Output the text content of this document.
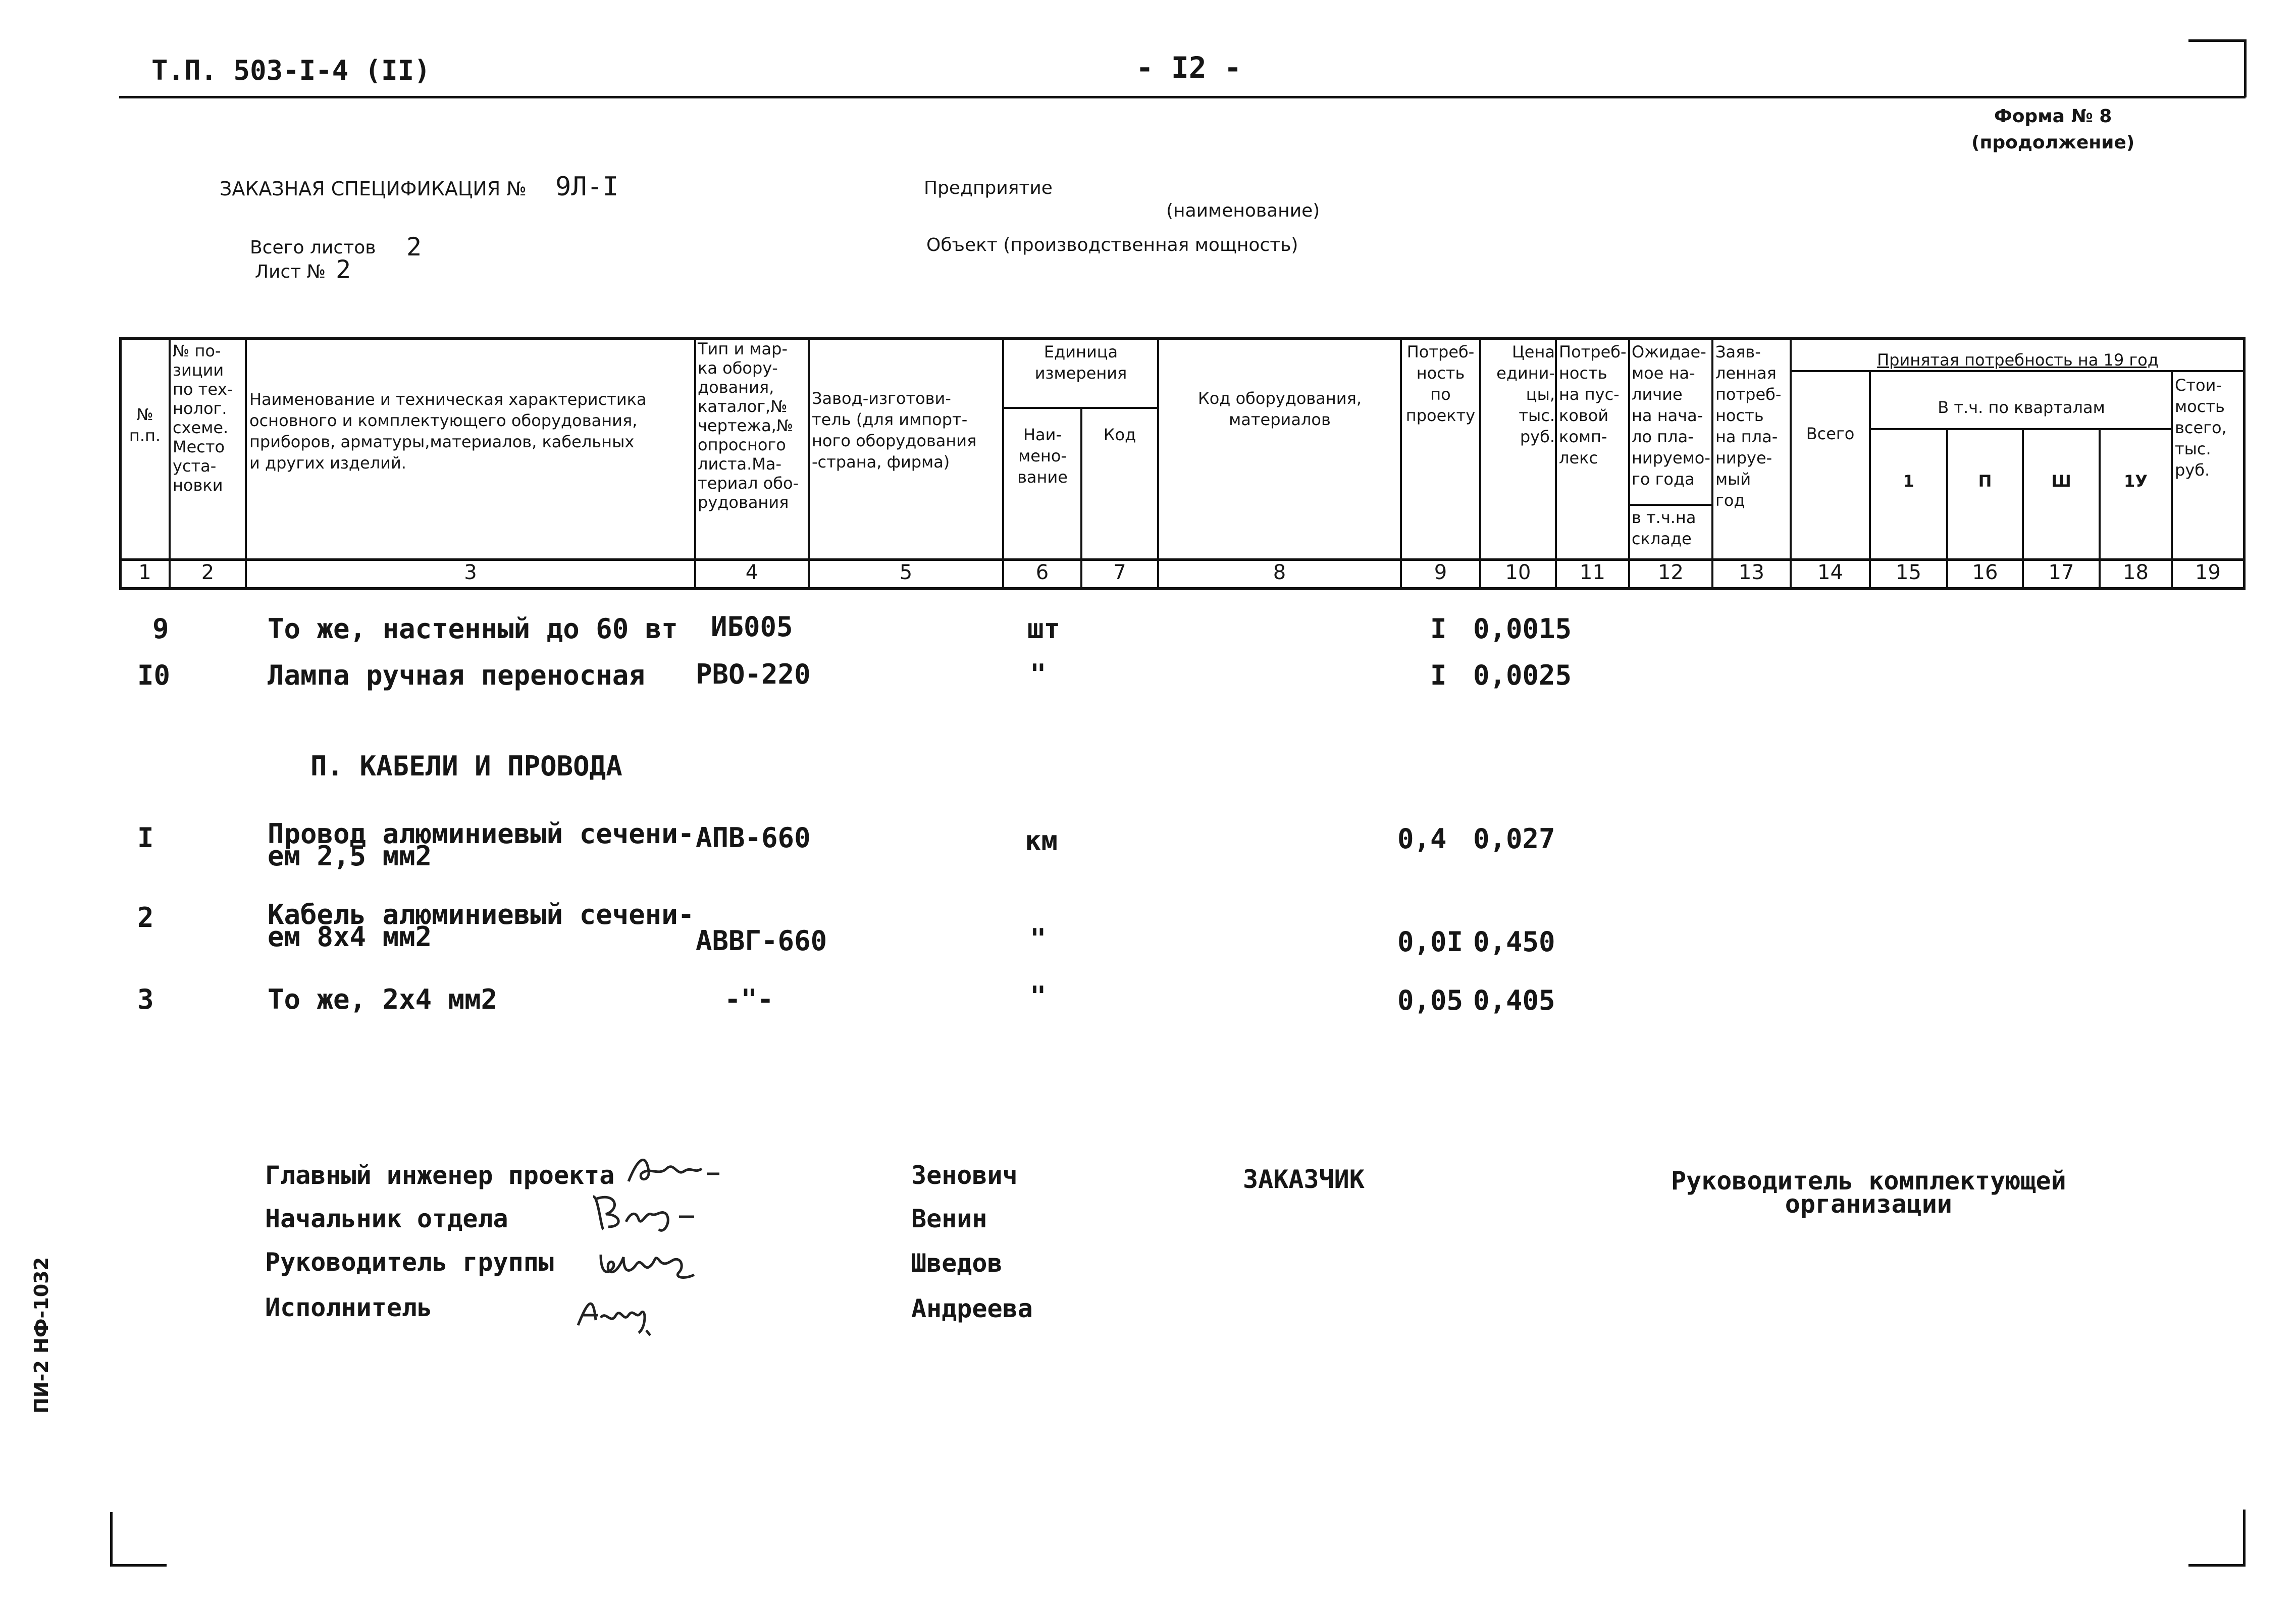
Т.П. 503-I-4 (II)	- I2 -
Форма № 8
(продолжение)
ЗАКАЗНАЯ СПЕЦИФИКАЦИЯ № 9Л-I
Всего листов 2
Лист № 2
Предприятие
(наименование)
Объект (производственная мощность)
№
п.п.
№ по-
зиции
по тех-
нолог.
схеме.
Место
уста-
новки
Наименование и техническая характеристика
основного и комплектующего оборудования,
приборов, арматуры,материалов, кабельных
и других изделий.
Тип и мар-
ка обору-
дования,
каталог,№
чертежа,№
опросного
листа.Ма-
териал обо-
рудования
Завод-изготови-
тель (для импорт-
ного оборудования
-страна, фирма)
Единица
измерения
Наи-
мено-
вание
Код
Код оборудования,
материалов
Потреб-
ность
по
проекту
Цена
едини-
цы,
тыс.
руб.
Потреб-
ность
на пус-
ковой
комп-
лекс
Ожидае-
мое на-
личие
на нача-
ло пла-
нируемо-
го года
в т.ч.на
складе
Заяв-
ленная
потреб-
ность
на пла-
нируе-
мый
год
Принятая потребность на 19 год
Всего
В т.ч. по кварталам
1	П	Ш	1У
Стои-
мость
всего,
тыс.
руб.
1	2	3	4	5	6	7	8	9	10	11	12	13	14	15	16	17	18	19
9	То же, настенный до 60 вт ИБ005	шт	I 0,0015
I0	Лампа ручная переносная РВО-220	"	I 0,0025
П. КАБЕЛИ И ПРОВОДА
I	Провод алюминиевый сечени-
ем 2,5 мм2
АПВ-660	км	0,4 0,027
2	Кабель алюминиевый сечени-
ем 8х4 мм2	АВВГ-660	"	0,0I 0,450
3	То же, 2х4 мм2	-"-	"	0,05 0,405
Главный инженер проекта
Начальник отдела
Руководитель группы
Исполнитель
Зенович
Венин
Шведов
Андреева
ЗАКАЗЧИК	Руководитель комплектующей
организации
ПИ-2 НФ-1032
